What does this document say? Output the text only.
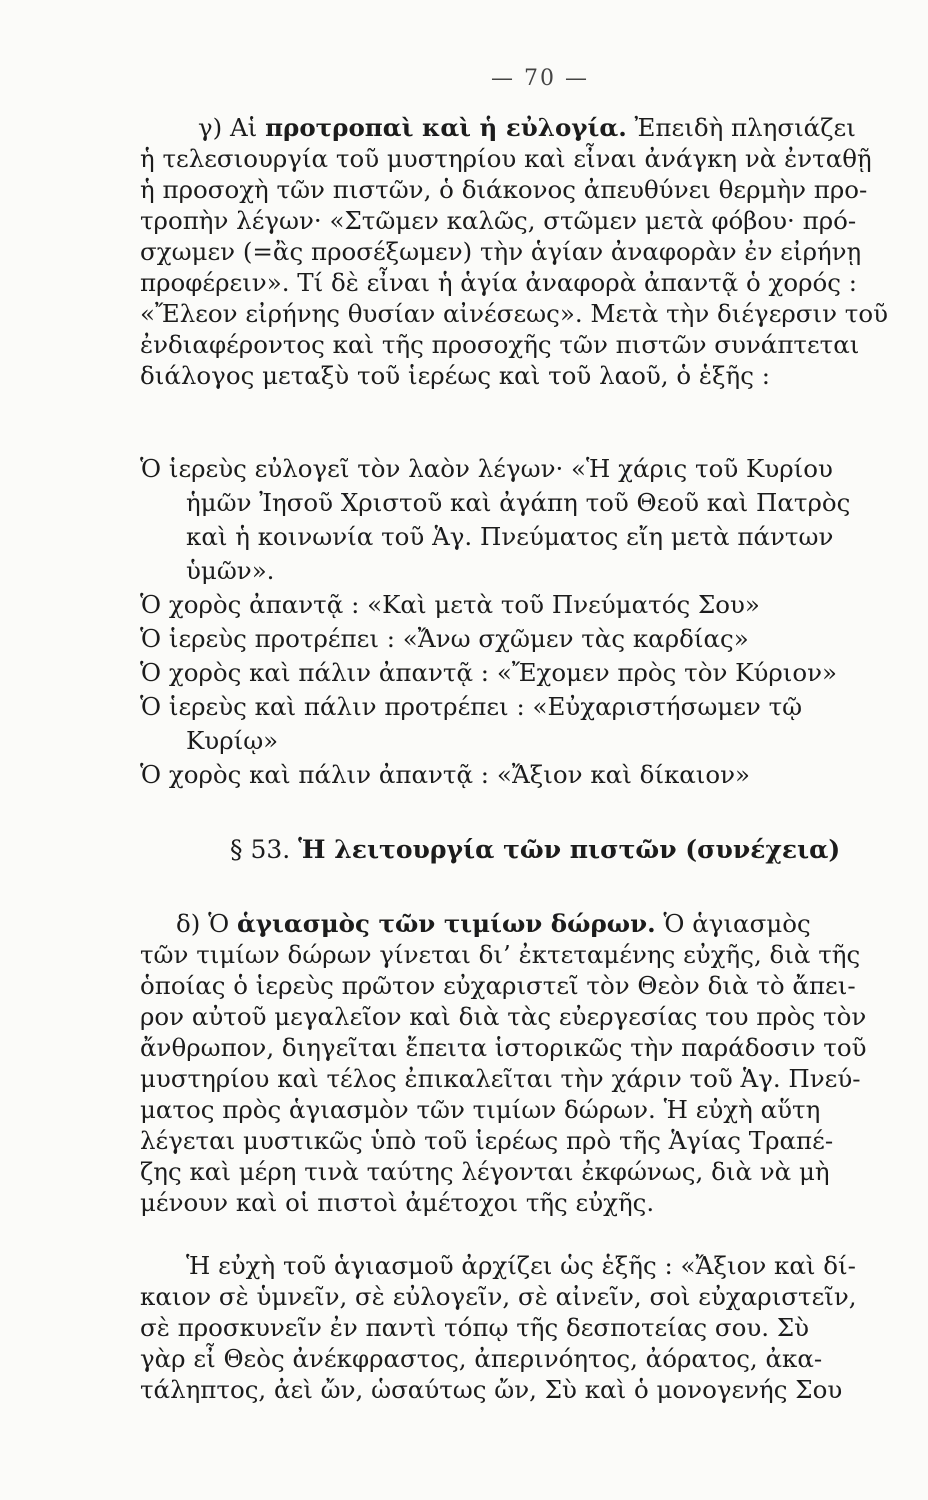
— 70 —
γ) Αἱ προτροπαὶ καὶ ἡ εὐλογία. Ἐπειδὴ πλησιάζει
ἡ τελεσιουργία τοῦ μυστηρίου καὶ εἶναι ἀνάγκη νὰ ἐνταθῇ
ἡ προσοχὴ τῶν πιστῶν, ὁ διάκονος ἀπευθύνει θερμὴν προ-
τροπὴν λέγων· «Στῶμεν καλῶς, στῶμεν μετὰ φόβου· πρό-
σχωμεν (=ἂς προσέξωμεν) τὴν ἁγίαν ἀναφορὰν ἐν εἰρήνῃ
προφέρειν». Τί δὲ εἶναι ἡ ἁγία ἀναφορὰ ἀπαντᾷ ὁ χορός :
«Ἔλεον εἰρήνης θυσίαν αἰνέσεως». Μετὰ τὴν διέγερσιν τοῦ
ἐνδιαφέροντος καὶ τῆς προσοχῆς τῶν πιστῶν συνάπτεται
διάλογος μεταξὺ τοῦ ἱερέως καὶ τοῦ λαοῦ, ὁ ἑξῆς :
Ὁ ἱερεὺς εὐλογεῖ τὸν λαὸν λέγων· «Ἡ χάρις τοῦ Κυρίου
ἡμῶν Ἰησοῦ Χριστοῦ καὶ ἀγάπη τοῦ Θεοῦ καὶ Πατρὸς
καὶ ἡ κοινωνία τοῦ Ἁγ. Πνεύματος εἴη μετὰ πάντων
ὑμῶν».
Ὁ χορὸς ἀπαντᾷ : «Καὶ μετὰ τοῦ Πνεύματός Σου»
Ὁ ἱερεὺς προτρέπει : «Ἄνω σχῶμεν τὰς καρδίας»
Ὁ χορὸς καὶ πάλιν ἀπαντᾷ : «Ἔχομεν πρὸς τὸν Κύριον»
Ὁ ἱερεὺς καὶ πάλιν προτρέπει : «Εὐχαριστήσωμεν τῷ
Κυρίῳ»
Ὁ χορὸς καὶ πάλιν ἀπαντᾷ : «Ἄξιον καὶ δίκαιον»
§ 53. Ἡ λειτουργία τῶν πιστῶν (συνέχεια)
δ) Ὁ ἁγιασμὸς τῶν τιμίων δώρων. Ὁ ἁγιασμὸς
τῶν τιμίων δώρων γίνεται δι’ ἐκτεταμένης εὐχῆς, διὰ τῆς
ὁποίας ὁ ἱερεὺς πρῶτον εὐχαριστεῖ τὸν Θεὸν διὰ τὸ ἄπει-
ρον αὐτοῦ μεγαλεῖον καὶ διὰ τὰς εὐεργεσίας του πρὸς τὸν
ἄνθρωπον, διηγεῖται ἔπειτα ἱστορικῶς τὴν παράδοσιν τοῦ
μυστηρίου καὶ τέλος ἐπικαλεῖται τὴν χάριν τοῦ Ἁγ. Πνεύ-
ματος πρὸς ἁγιασμὸν τῶν τιμίων δώρων. Ἡ εὐχὴ αὕτη
λέγεται μυστικῶς ὑπὸ τοῦ ἱερέως πρὸ τῆς Ἁγίας Τραπέ-
ζης καὶ μέρη τινὰ ταύτης λέγονται ἐκφώνως, διὰ νὰ μὴ
μένουν καὶ οἱ πιστοὶ ἀμέτοχοι τῆς εὐχῆς.
Ἡ εὐχὴ τοῦ ἁγιασμοῦ ἀρχίζει ὡς ἑξῆς : «Ἄξιον καὶ δί-
καιον σὲ ὑμνεῖν, σὲ εὐλογεῖν, σὲ αἰνεῖν, σοὶ εὐχαριστεῖν,
σὲ προσκυνεῖν ἐν παντὶ τόπῳ τῆς δεσποτείας σου. Σὺ
γὰρ εἶ Θεὸς ἀνέκφραστος, ἀπερινόητος, ἀόρατος, ἀκα-
τάληπτος, ἀεὶ ὤν, ὡσαύτως ὤν, Σὺ καὶ ὁ μονογενής Σου
